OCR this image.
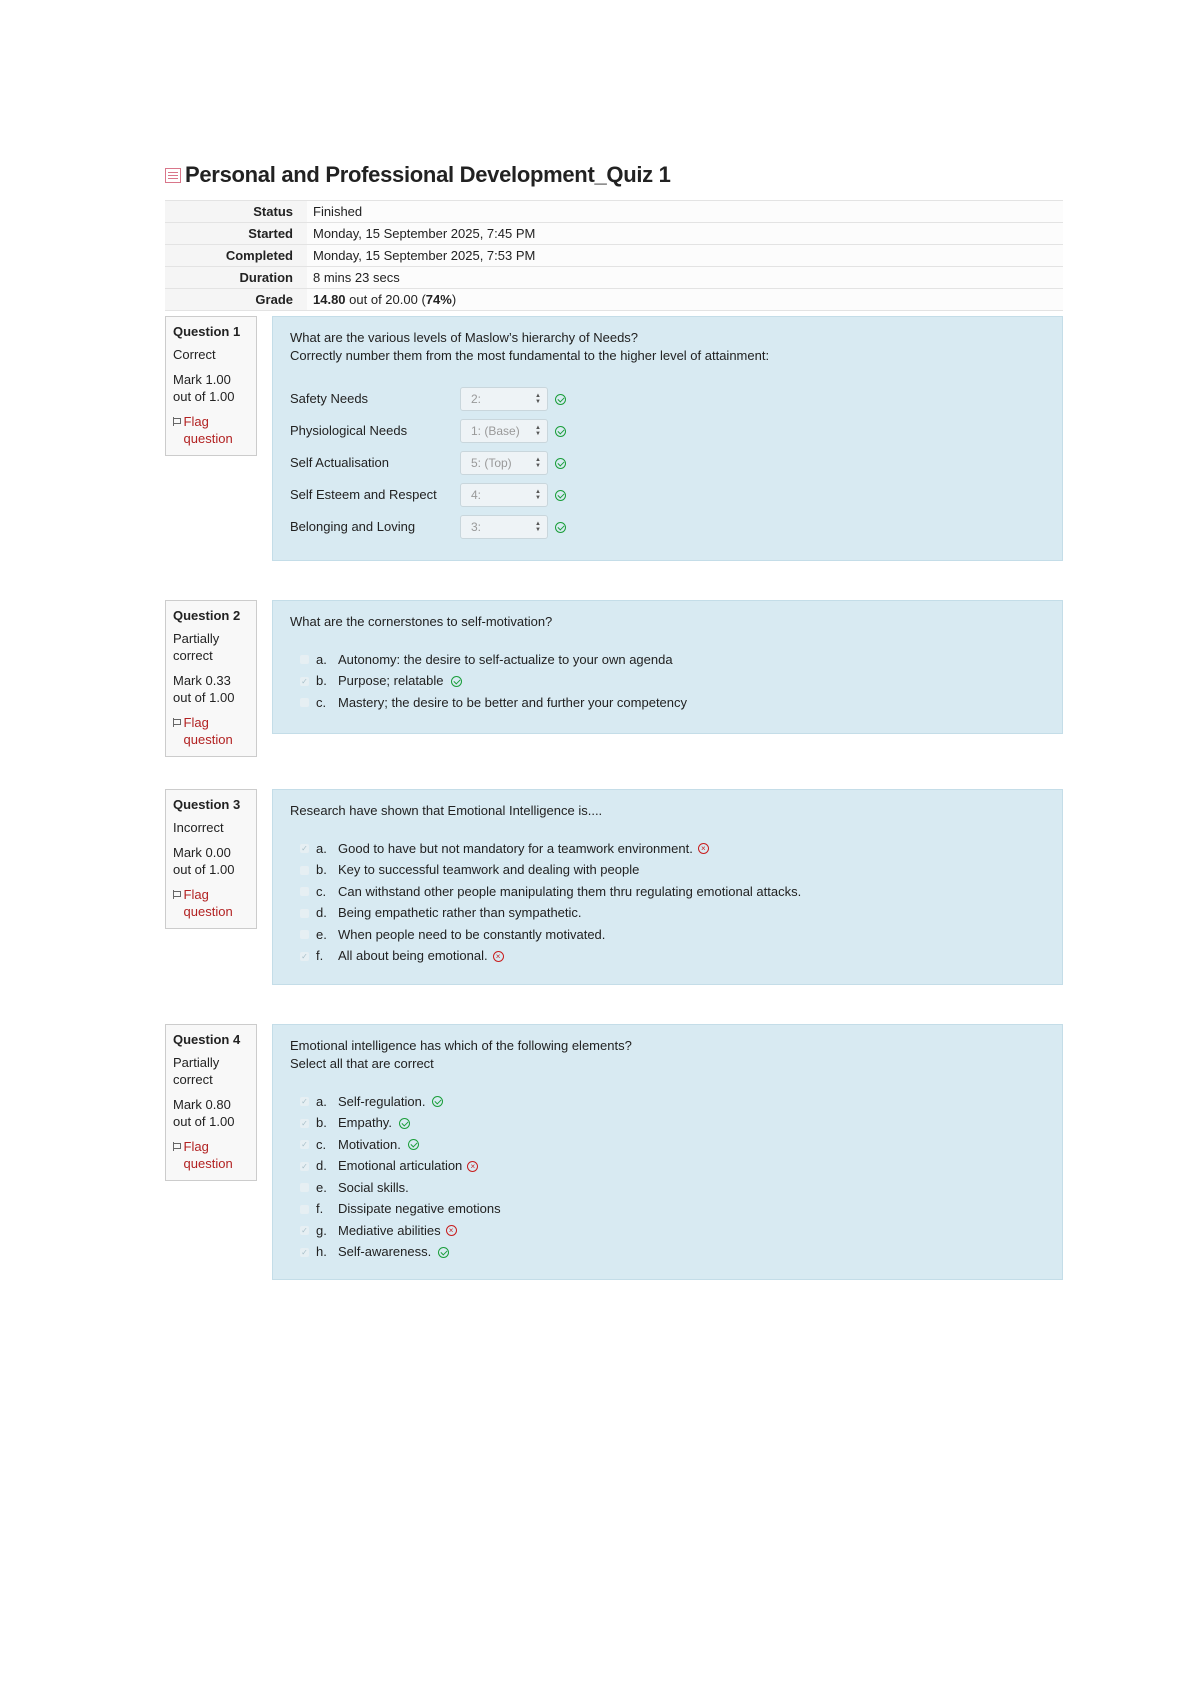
Personal and Professional Development_Quiz 1
Status	Finished
Started	Monday, 15 September 2025, 7:45 PM
Completed	Monday, 15 September 2025, 7:53 PM
Duration	8 mins 23 secs
Grade	14.80 out of 20.00 (74%)
Question 1
Correct
Mark 1.00 out of 1.00
Flag question
What are the various levels of Maslow’s hierarchy of Needs?
Correctly number them from the most fundamental to the higher level of attainment:
Safety Needs	2:	▲▼
Physiological Needs	1: (Base)	▲▼
Self Actualisation	5: (Top)	▲▼
Self Esteem and Respect	4:	▲▼
Belonging and Loving	3:	▲▼
Question 2
Partially correct
Mark 0.33 out of 1.00
Flag question
What are the cornerstones to self-motivation?
a. Autonomy: the desire to self-actualize to your own agenda
✓ b. Purpose; relatable
c. Mastery; the desire to be better and further your competency
Question 3
Incorrect
Mark 0.00 out of 1.00
Flag question
Research have shown that Emotional Intelligence is....
✓ a. Good to have but not mandatory for a teamwork environment.	×
b. Key to successful teamwork and dealing with people
c. Can withstand other people manipulating them thru regulating emotional attacks.
d. Being empathetic rather than sympathetic.
e. When people need to be constantly motivated.
✓ f.	All about being emotional.	×
Question 4
Partially correct
Mark 0.80 out of 1.00
Flag question
Emotional intelligence has which of the following elements?
Select all that are correct
✓ a. Self-regulation.
✓ b. Empathy.
✓ c. Motivation.
✓ d. Emotional articulation	×
e. Social skills.
f.	Dissipate negative emotions
✓ g. Mediative abilities	×
✓ h. Self-awareness.
